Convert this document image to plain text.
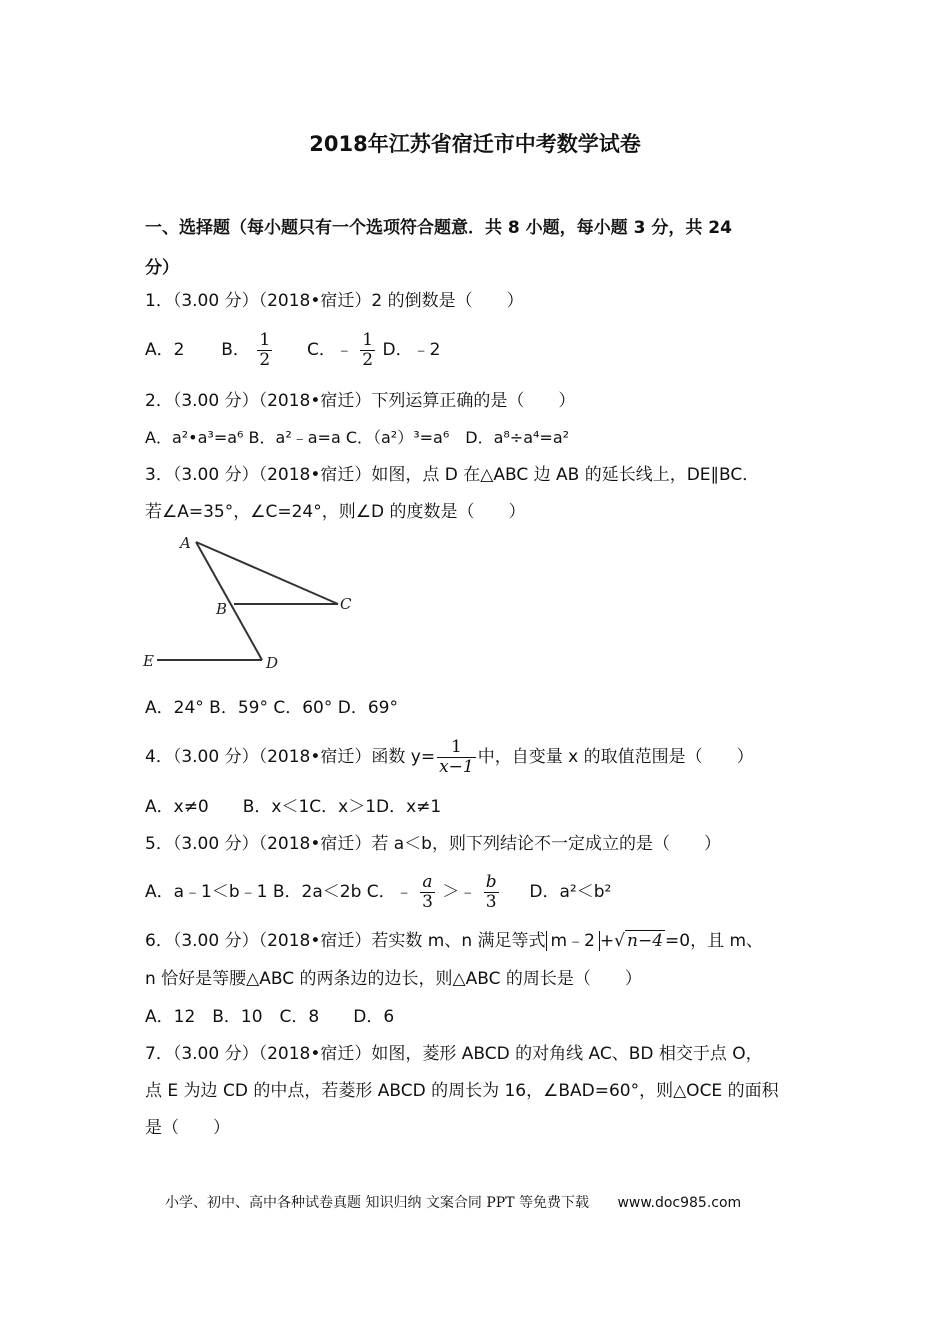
2018年江苏省宿迁市中考数学试卷
一、选择题（每小题只有一个选项符合题意．共 8 小题，每小题 3 分，共 24
分）
1．（3.00 分）（2018•宿迁）2 的倒数是（　　）
A．2 B． $\frac{1}{2}$ C．﹣ $\frac{1}{2}$ D．﹣2
2．（3.00 分）（2018•宿迁）下列运算正确的是（　　）
A．a²•a³=a⁶ B．a²﹣a=a C．（a²）³=a⁶　D．a⁸÷a⁴=a²
3．（3.00 分）（2018•宿迁）如图，点 D 在△ABC 边 AB 的延长线上，DE∥BC．
若∠A=35°，∠C=24°，则∠D 的度数是（　　）
A
B	C
D
E
A．24° B．59° C．60° D．69°
4．（3.00 分）（2018•宿迁）函数 $y= \frac{1}{x-1}$ 中，自变量 x 的取值范围是（　　）
A．x≠0　　B．x＜1C．x＞1D．x≠1
5．（3.00 分）（2018•宿迁）若 a＜b，则下列结论不一定成立的是（　　）
A．a﹣1＜b﹣1 B．2a＜2b C．﹣ $\frac{a}{3}$ ＞﹣ $\frac{b}{3}$ D．a²＜b²
6．（3.00 分）（2018•宿迁）若实数 m、n 满足等式 m﹣2 +√ n−4 =0，且 m、
n 恰好是等腰△ABC 的两条边的边长，则△ABC 的周长是（　　）
A．12　B．10　C．8　　D．6
7．（3.00 分）（2018•宿迁）如图，菱形 ABCD 的对角线 AC、BD 相交于点 O，
点 E 为边 CD 的中点，若菱形 ABCD 的周长为 16，∠BAD=60°，则△OCE 的面积
是（　　）
小学、初中、高中各种试卷真题 知识归纳 文案合同 PPT 等免费下载 www.doc985.com
